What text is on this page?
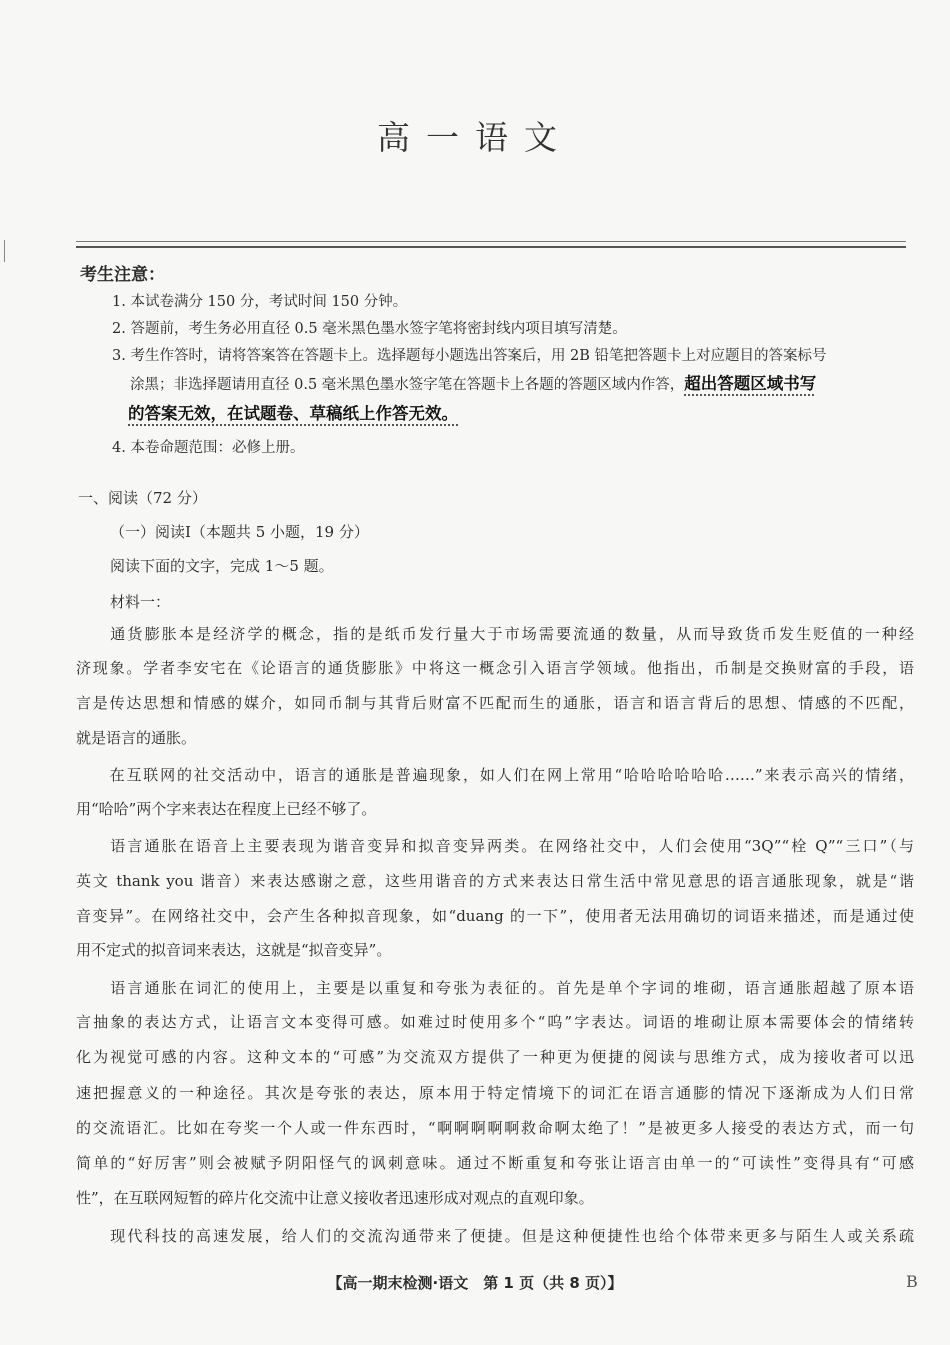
高一语文
考生注意：
1. 本试卷满分 150 分，考试时间 150 分钟。
2. 答题前，考生务必用直径 0.5 毫米黑色墨水签字笔将密封线内项目填写清楚。
3. 考生作答时，请将答案答在答题卡上。选择题每小题选出答案后，用 2B 铅笔把答题卡上对应题目的答案标号
涂黑；非选择题请用直径 0.5 毫米黑色墨水签字笔在答题卡上各题的答题区域内作答，超出答题区域书写
的答案无效，在试题卷、草稿纸上作答无效。
4. 本卷命题范围：必修上册。
一、阅读（72 分）
（一）阅读Ⅰ（本题共 5 小题，19 分）
阅读下面的文字，完成 1～5 题。
材料一：
　　通货膨胀本是经济学的概念，指的是纸币发行量大于市场需要流通的数量，从而导致货币发生贬值的一种经
济现象。学者李安宅在《论语言的通货膨胀》中将这一概念引入语言学领域。他指出，币制是交换财富的手段，语
言是传达思想和情感的媒介，如同币制与其背后财富不匹配而生的通胀，语言和语言背后的思想、情感的不匹配，
就是语言的通胀。
　　在互联网的社交活动中，语言的通胀是普遍现象，如人们在网上常用“哈哈哈哈哈哈……”来表示高兴的情绪，
用“哈哈”两个字来表达在程度上已经不够了。
　　语言通胀在语音上主要表现为谐音变异和拟音变异两类。在网络社交中，人们会使用“3Q”“栓 Q”“三口”（与
英文 thank you 谐音）来表达感谢之意，这些用谐音的方式来表达日常生活中常见意思的语言通胀现象，就是“谐
音变异”。在网络社交中，会产生各种拟音现象，如“duang 的一下”，使用者无法用确切的词语来描述，而是通过使
用不定式的拟音词来表达，这就是“拟音变异”。
　　语言通胀在词汇的使用上，主要是以重复和夸张为表征的。首先是单个字词的堆砌，语言通胀超越了原本语
言抽象的表达方式，让语言文本变得可感。如难过时使用多个“呜”字表达。词语的堆砌让原本需要体会的情绪转
化为视觉可感的内容。这种文本的“可感”为交流双方提供了一种更为便捷的阅读与思维方式，成为接收者可以迅
速把握意义的一种途径。其次是夸张的表达，原本用于特定情境下的词汇在语言通膨的情况下逐渐成为人们日常
的交流语汇。比如在夸奖一个人或一件东西时，“啊啊啊啊啊救命啊太绝了！”是被更多人接受的表达方式，而一句
简单的“好厉害”则会被赋予阴阳怪气的讽刺意味。通过不断重复和夸张让语言由单一的“可读性”变得具有“可感
性”，在互联网短暂的碎片化交流中让意义接收者迅速形成对观点的直观印象。
　　现代科技的高速发展，给人们的交流沟通带来了便捷。但是这种便捷性也给个体带来更多与陌生人或关系疏
【高一期末检测·语文　第 1 页（共 8 页）】	B
